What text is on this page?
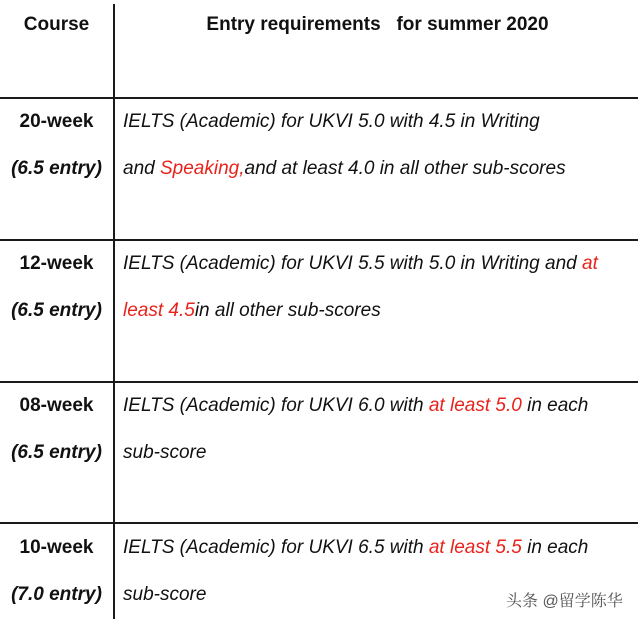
Course	Entry requirements   for summer 2020
20-week
(6.5 entry)
IELTS (Academic) for UKVI 5.0 with 4.5 in Writing
and Speaking,and at least 4.0 in all other sub-scores
12-week
(6.5 entry)
IELTS (Academic) for UKVI 5.5 with 5.0 in Writing and at
least 4.5in all other sub-scores
08-week
(6.5 entry)
IELTS (Academic) for UKVI 6.0 with at least 5.0 in each
sub-score
10-week
(7.0 entry)
IELTS (Academic) for UKVI 6.5 with at least 5.5 in each
sub-score	头条 @留学陈华
